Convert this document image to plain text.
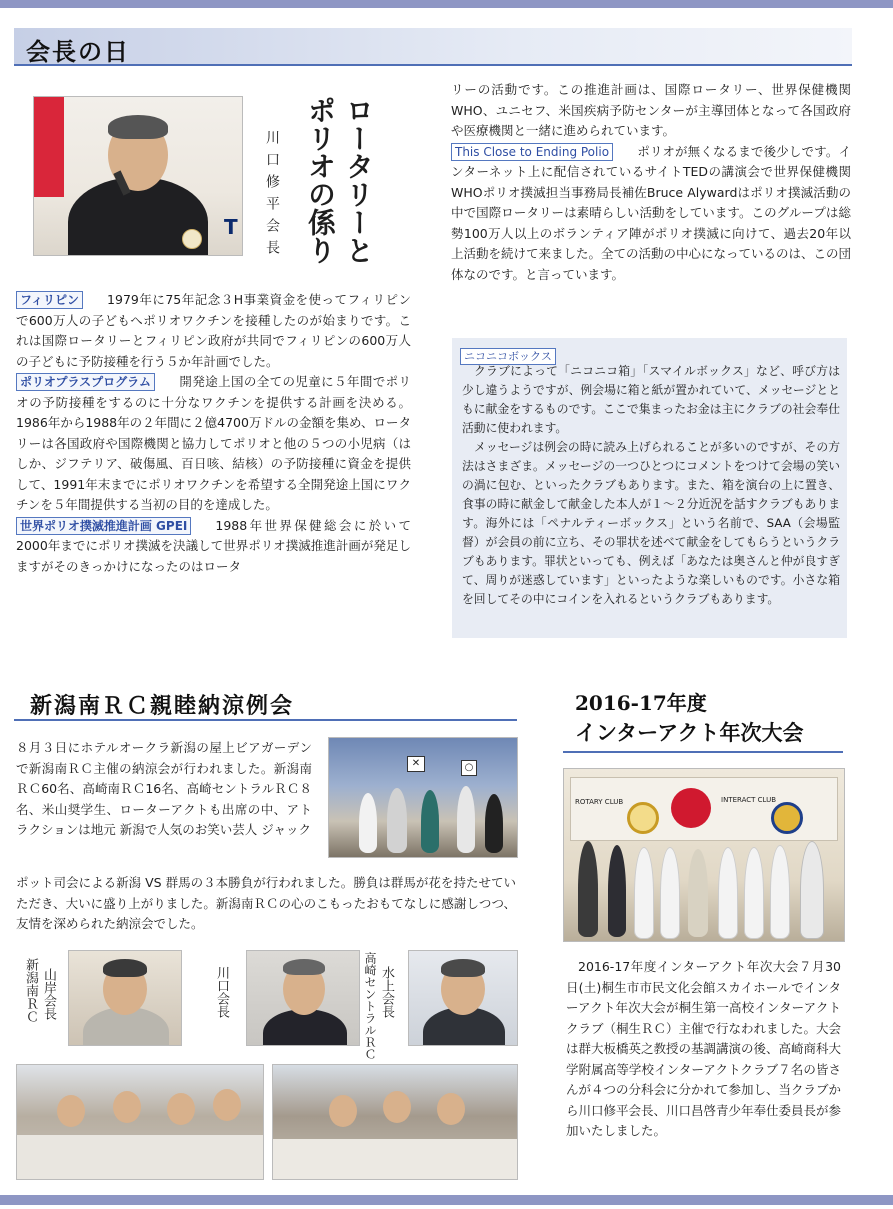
会長の日
T 川口修平会長 ロータリーと
ポリオの係り

フィリピン 1979年に75年記念３H事業資金を使ってフィリピンで600万人の子どもへポリオワクチンを接種したのが始まりです。これは国際ロータリーとフィリピン政府が共同でフィリピンの600万人の子どもに予防接種を行う５か年計画でした。

ポリオプラスプログラム 開発途上国の全ての児童に５年間でポリオの予防接種をするのに十分なワクチンを提供する計画を決める。1986年から1988年の２年間に２億4700万ドルの金額を集め、ロータリーは各国政府や国際機関と協力してポリオと他の５つの小児病（はしか、ジフテリア、破傷風、百日咳、結核）の予防接種に資金を提供して、1991年末までにポリオワクチンを希望する全開発途上国にワクチンを５年間提供する当初の目的を達成した。

世界ポリオ撲滅推進計画 GPEI 1988年世界保健総会に於いて2000年までにポリオ撲滅を決議して世界ポリオ撲滅推進計画が発足しますがそのきっかけになったのはロータ

リーの活動です。この推進計画は、国際ロータリー、世界保健機関WHO、ユニセフ、米国疾病予防センターが主導団体となって各国政府や医療機関と一緒に進められています。

This Close to Ending Polio ポリオが無くなるまで後少しです。インターネット上に配信されているサイトTEDの講演会で世界保健機関WHOポリオ撲滅担当事務局長補佐Bruce Alywardはポリオ撲滅活動の中で国際ロータリーは素晴らしい活動をしています。このグループは総勢100万人以上のボランティア陣がポリオ撲滅に向けて、過去20年以上活動を続けて来ました。全ての活動の中心になっているのは、この団体なのです。と言っています。

ニコニコボックス

クラブによって「ニコニコ箱」「スマイルボックス」など、呼び方は少し違うようですが、例会場に箱と紙が置かれていて、メッセージとともに献金をするものです。ここで集まったお金は主にクラブの社会奉仕活動に使われます。

メッセージは例会の時に読み上げられることが多いのですが、その方法はさまざま。メッセージの一つひとつにコメントをつけて会場の笑いの渦に包む、といったクラブもあります。また、箱を演台の上に置き、食事の時に献金して献金した本人が１～２分近況を話すクラブもあります。海外には「ペナルティーボックス」という名前で、SAA（会場監督）が会員の前に立ち、その罪状を述べて献金をしてもらうというクラブもあります。罪状といっても、例えば「あなたは奥さんと仲が良すぎて、周りが迷惑しています」といったような楽しいものです。小さな箱を回してその中にコインを入れるというクラブもあります。

新潟南ＲＣ親睦納涼例会
８月３日にホテルオークラ新潟の屋上ビアガーデンで新潟南ＲＣ主催の納涼会が行われました。新潟南ＲＣ60名、高崎南ＲＣ16名、高崎セントラルＲＣ８名、米山奨学生、ローターアクトも出席の中、アトラクションは地元 新潟で人気のお笑い芸人 ジャック
✕	○
ポット司会による新潟 VS 群馬の３本勝負が行われました。勝負は群馬が花を持たせていただき、大いに盛り上がりました。新潟南ＲＣの心のこもったおもてなしに感謝しつつ、友情を深められた納涼会でした。
新潟南ＲＣ 山岸会長	川口会長	高崎セントラルＲＣ 水上会長
2016-17年度
インターアクト年次大会
ROTARY CLUB	INTERACT CLUB
2016-17年度インターアクト年次大会７月30日(土)桐生市市民文化会館スカイホールでインターアクト年次大会が桐生第一高校インターアクトクラブ（桐生ＲＣ）主催で行なわれました。大会は群大板橋英之教授の基調講演の後、高崎商科大学附属高等学校インターアクトクラブ７名の皆さんが４つの分科会に分かれて参加し、当クラブから川口修平会長、川口昌啓青少年奉仕委員長が参加いたしました。
